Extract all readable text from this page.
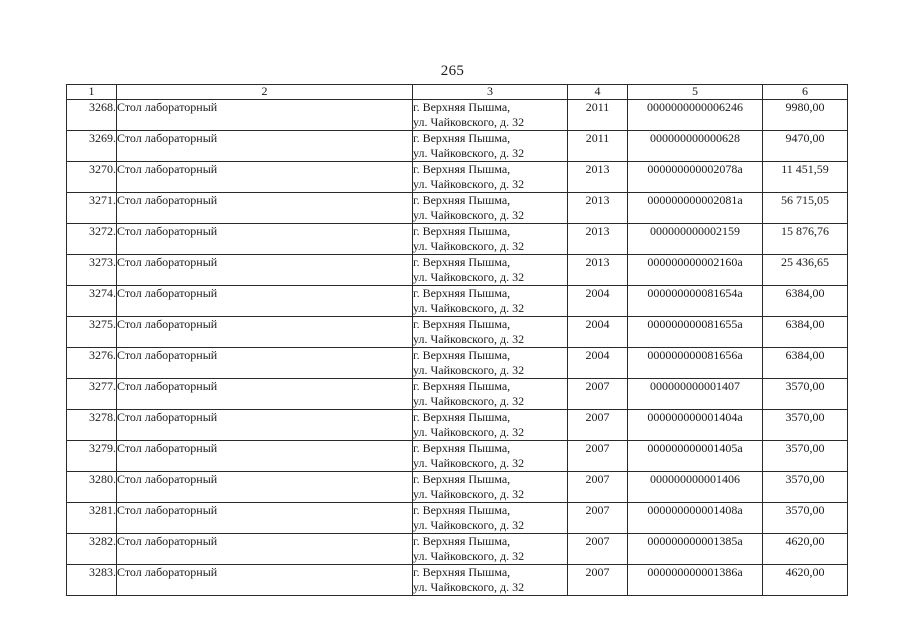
265
1	2	3	4	5	6
3268.	Стол лабораторный	г. Верхняя Пышма,
ул. Чайковского, д. 32	2011	0000000000006246	9980,00
3269.	Стол лабораторный	г. Верхняя Пышма,
ул. Чайковского, д. 32	2011	000000000000628	9470,00
3270.	Стол лабораторный	г. Верхняя Пышма,
ул. Чайковского, д. 32	2013	000000000002078а	11 451,59
3271.	Стол лабораторный	г. Верхняя Пышма,
ул. Чайковского, д. 32	2013	000000000002081а	56 715,05
3272.	Стол лабораторный	г. Верхняя Пышма,
ул. Чайковского, д. 32	2013	000000000002159	15 876,76
3273.	Стол лабораторный	г. Верхняя Пышма,
ул. Чайковского, д. 32	2013	000000000002160а	25 436,65
3274.	Стол лабораторный	г. Верхняя Пышма,
ул. Чайковского, д. 32	2004	000000000081654а	6384,00
3275.	Стол лабораторный	г. Верхняя Пышма,
ул. Чайковского, д. 32	2004	000000000081655а	6384,00
3276.	Стол лабораторный	г. Верхняя Пышма,
ул. Чайковского, д. 32	2004	000000000081656а	6384,00
3277.	Стол лабораторный	г. Верхняя Пышма,
ул. Чайковского, д. 32	2007	000000000001407	3570,00
3278.	Стол лабораторный	г. Верхняя Пышма,
ул. Чайковского, д. 32	2007	000000000001404а	3570,00
3279.	Стол лабораторный	г. Верхняя Пышма,
ул. Чайковского, д. 32	2007	000000000001405а	3570,00
3280.	Стол лабораторный	г. Верхняя Пышма,
ул. Чайковского, д. 32	2007	000000000001406	3570,00
3281.	Стол лабораторный	г. Верхняя Пышма,
ул. Чайковского, д. 32	2007	000000000001408а	3570,00
3282.	Стол лабораторный	г. Верхняя Пышма,
ул. Чайковского, д. 32	2007	000000000001385а	4620,00
3283.	Стол лабораторный	г. Верхняя Пышма,
ул. Чайковского, д. 32	2007	000000000001386а	4620,00
